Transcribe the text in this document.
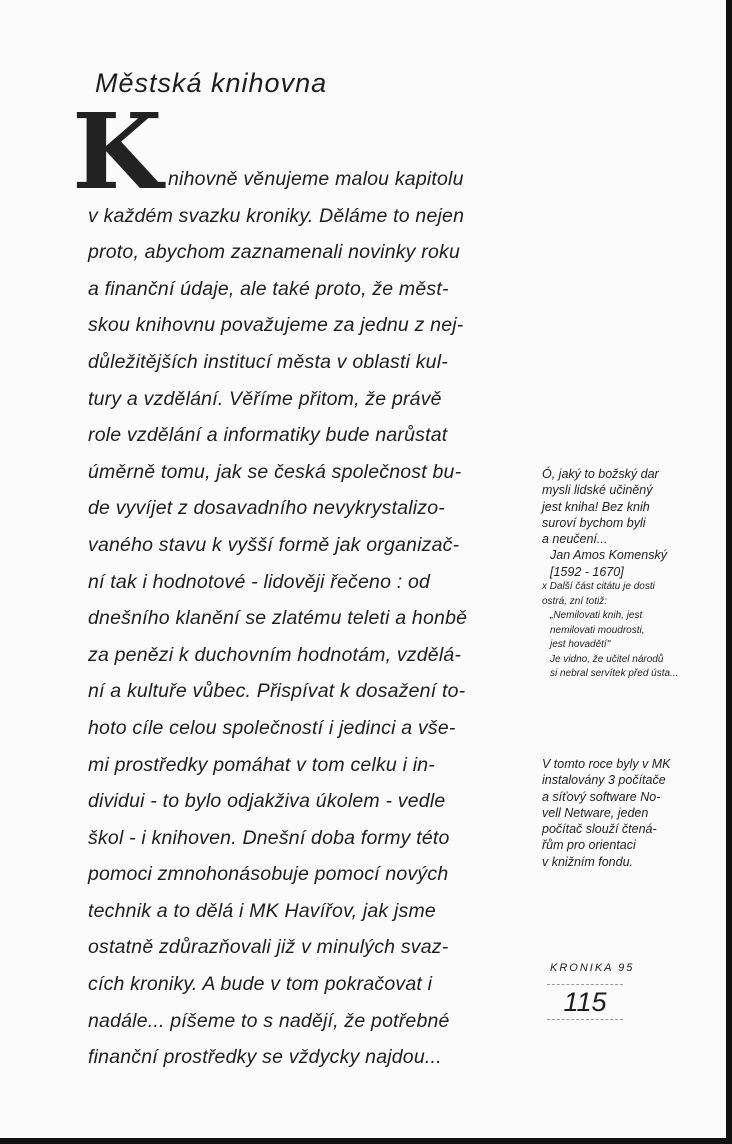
Městská knihovna
K nihovně věnujeme malou kapitolu
v každém svazku kroniky. Děláme to nejen
proto, abychom zaznamenali novinky roku
a finanční údaje, ale také proto, že měst-
skou knihovnu považujeme za jednu z nej-
důležitějších institucí města v oblasti kul-
tury a vzdělání. Věříme přitom, že právě
role vzdělání a informatiky bude narůstat
úměrně tomu, jak se česká společnost bu-
de vyvíjet z dosavadního nevykrystalizo-
vaného stavu k vyšší formě jak organizač-
ní tak i hodnotové - lidověji řečeno : od
dnešního klanění se zlatému teleti a honbě
za penězi k duchovním hodnotám, vzdělá-
ní a kultuře vůbec. Přispívat k dosažení to-
hoto cíle celou společností i jedinci a vše-
mi prostředky pomáhat v tom celku i in-
dividui - to bylo odjakživa úkolem - vedle
škol - i knihoven. Dnešní doba formy této
pomoci zmnohonásobuje pomocí nových
technik a to dělá i MK Havířov, jak jsme
ostatně zdůrazňovali již v minulých svaz-
cích kroniky. A bude v tom pokračovat i
nadále... píšeme to s nadějí, že potřebné
finanční prostředky se vždycky najdou...
Ó, jaký to božský dar
mysli lidské učiněný
jest kniha! Bez knih
suroví bychom byli
a neučení...
Jan Amos Komenský
[1592 - 1670]
x Další část citátu je dosti
ostrá, zní totiž:
„Nemilovati knih, jest
nemilovati moudrosti,
jest hovadětí"
Je vidno, že učitel národů
si nebral servítek před ústa...
V tomto roce byly v MK
instalovány 3 počítače
a síťový software No-
vell Netware, jeden
počítač slouží čtená-
řům pro orientaci
v knižním fondu.
KRONIKA 95
115
